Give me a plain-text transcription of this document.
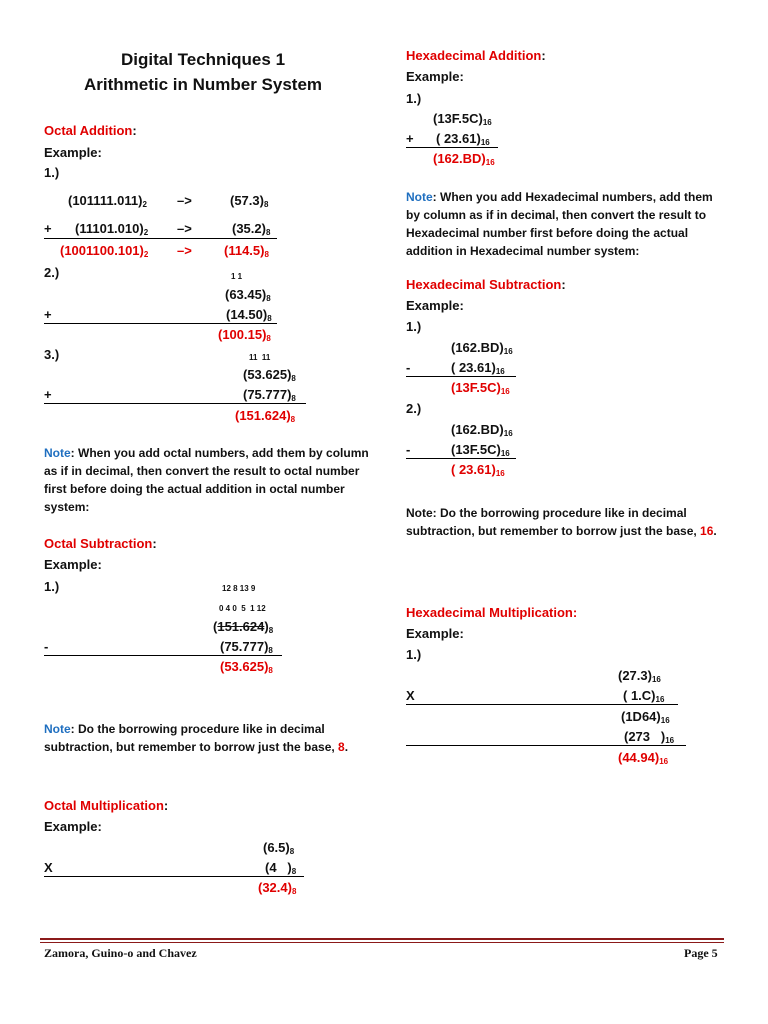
Digital Techniques 1
Arithmetic in Number System
Octal Addition:
Example:
1.)
$(101111.011)_2$ –>	$(57.3)_8$
+ $(11101.010)_2$ –>	$(35.2)_8$
$(1001100.101)_2 -> (114.5)_8$
2.)	1 1
$(63.45)_8$
+	$(14.50)_8$
$(100.15)_8$
3.)	11  11
$(53.625)_8$
+	$(75.777)_8$
$(151.624)_8$
Note: When you add octal numbers, add them by column as if in decimal, then convert the result to octal number first before doing the actual addition in octal number system:
Octal Subtraction:
Example:
1.)	12 8 13 9
0 4 0  5  1 12
$(151.624)_8$
-	$(75.777)_8$
$(53.625)_8$
Note: Do the borrowing procedure like in decimal subtraction, but remember to borrow just the base, 8.
Octal Multiplication:
Example:
$(6.5)_8$
X	(4   )$_8$
$(32.4)_8$
Hexadecimal Addition:
Example:
1.)
$(13F.5C)_{16}$
+ ( $23.61)_{16}$
$(162.BD)_{16}$
Note: When you add Hexadecimal numbers, add them by column as if in decimal, then convert the result to Hexadecimal number first before doing the actual addition in Hexadecimal number system:
Hexadecimal Subtraction:
Example:
1.)
$(162.BD)_{16}$
-	( $23.61)_{16}$
$(13F.5C)_{16}$
2.)
$(162.BD)_{16}$
-	$(13F.5C)_{16}$
( $23.61)_{16}$
Note: Do the borrowing procedure like in decimal subtraction, but remember to borrow just the base, 16.
Hexadecimal Multiplication:
Example:
1.)
$(27.3)_{16}$
X	( $1.C)_{16}$
$(1D64)_{16}$
(273   )$_{16}$
$(44.94)_{16}$
Zamora, Guino-o and Chavez	Page 5
